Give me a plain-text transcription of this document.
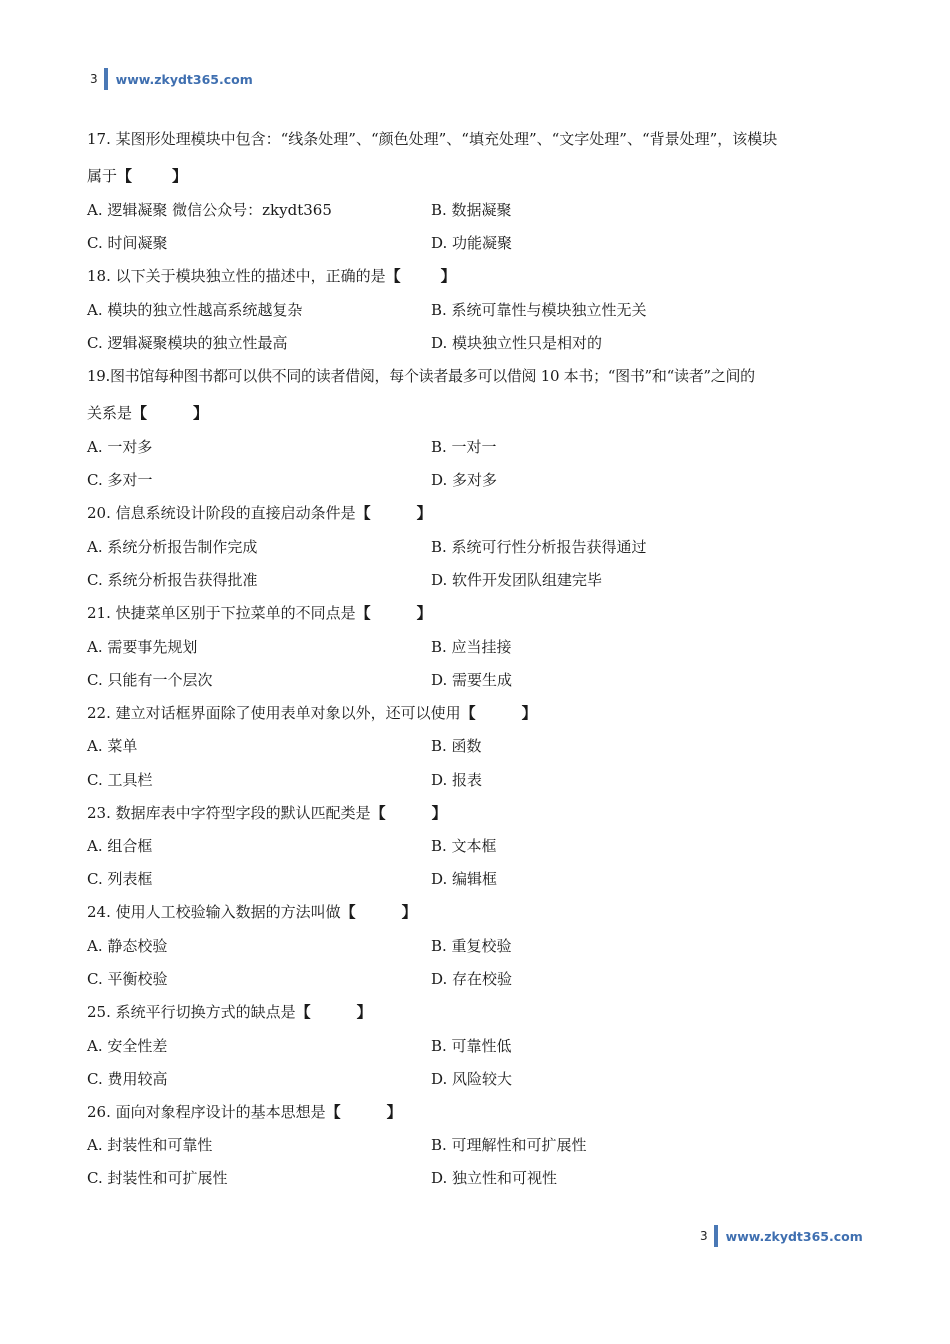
3 www.zkydt365.com
17. 某图形处理模块中包含：“线条处理”、“颜色处理”、“填充处理”、“文字处理”、“背景处理”，该模块
属于【	】
A. 逻辑凝聚 微信公众号：zkydt365	B. 数据凝聚
C. 时间凝聚	D. 功能凝聚
18. 以下关于模块独立性的描述中，正确的是【	】
A. 模块的独立性越高系统越复杂	B. 系统可靠性与模块独立性无关
C. 逻辑凝聚模块的独立性最高	D. 模块独立性只是相对的
19.图书馆每种图书都可以供不同的读者借阅，每个读者最多可以借阅 10 本书；“图书”和“读者”之间的
关系是【	】
A. 一对多	B. 一对一
C. 多对一	D. 多对多
20. 信息系统设计阶段的直接启动条件是【	】
A. 系统分析报告制作完成	B. 系统可行性分析报告获得通过
C. 系统分析报告获得批准	D. 软件开发团队组建完毕
21. 快捷菜单区别于下拉菜单的不同点是【	】
A. 需要事先规划	B. 应当挂接
C. 只能有一个层次	D. 需要生成
22. 建立对话框界面除了使用表单对象以外，还可以使用【	】
A. 菜单	B. 函数
C. 工具栏	D. 报表
23. 数据库表中字符型字段的默认匹配类是【	】
A. 组合框	B. 文本框
C. 列表框	D. 编辑框
24. 使用人工校验输入数据的方法叫做【	】
A. 静态校验	B. 重复校验
C. 平衡校验	D. 存在校验
25. 系统平行切换方式的缺点是【	】
A. 安全性差	B. 可靠性低
C. 费用较高	D. 风险较大
26. 面向对象程序设计的基本思想是【	】
A. 封装性和可靠性	B. 可理解性和可扩展性
C. 封装性和可扩展性	D. 独立性和可视性
3 www.zkydt365.com
